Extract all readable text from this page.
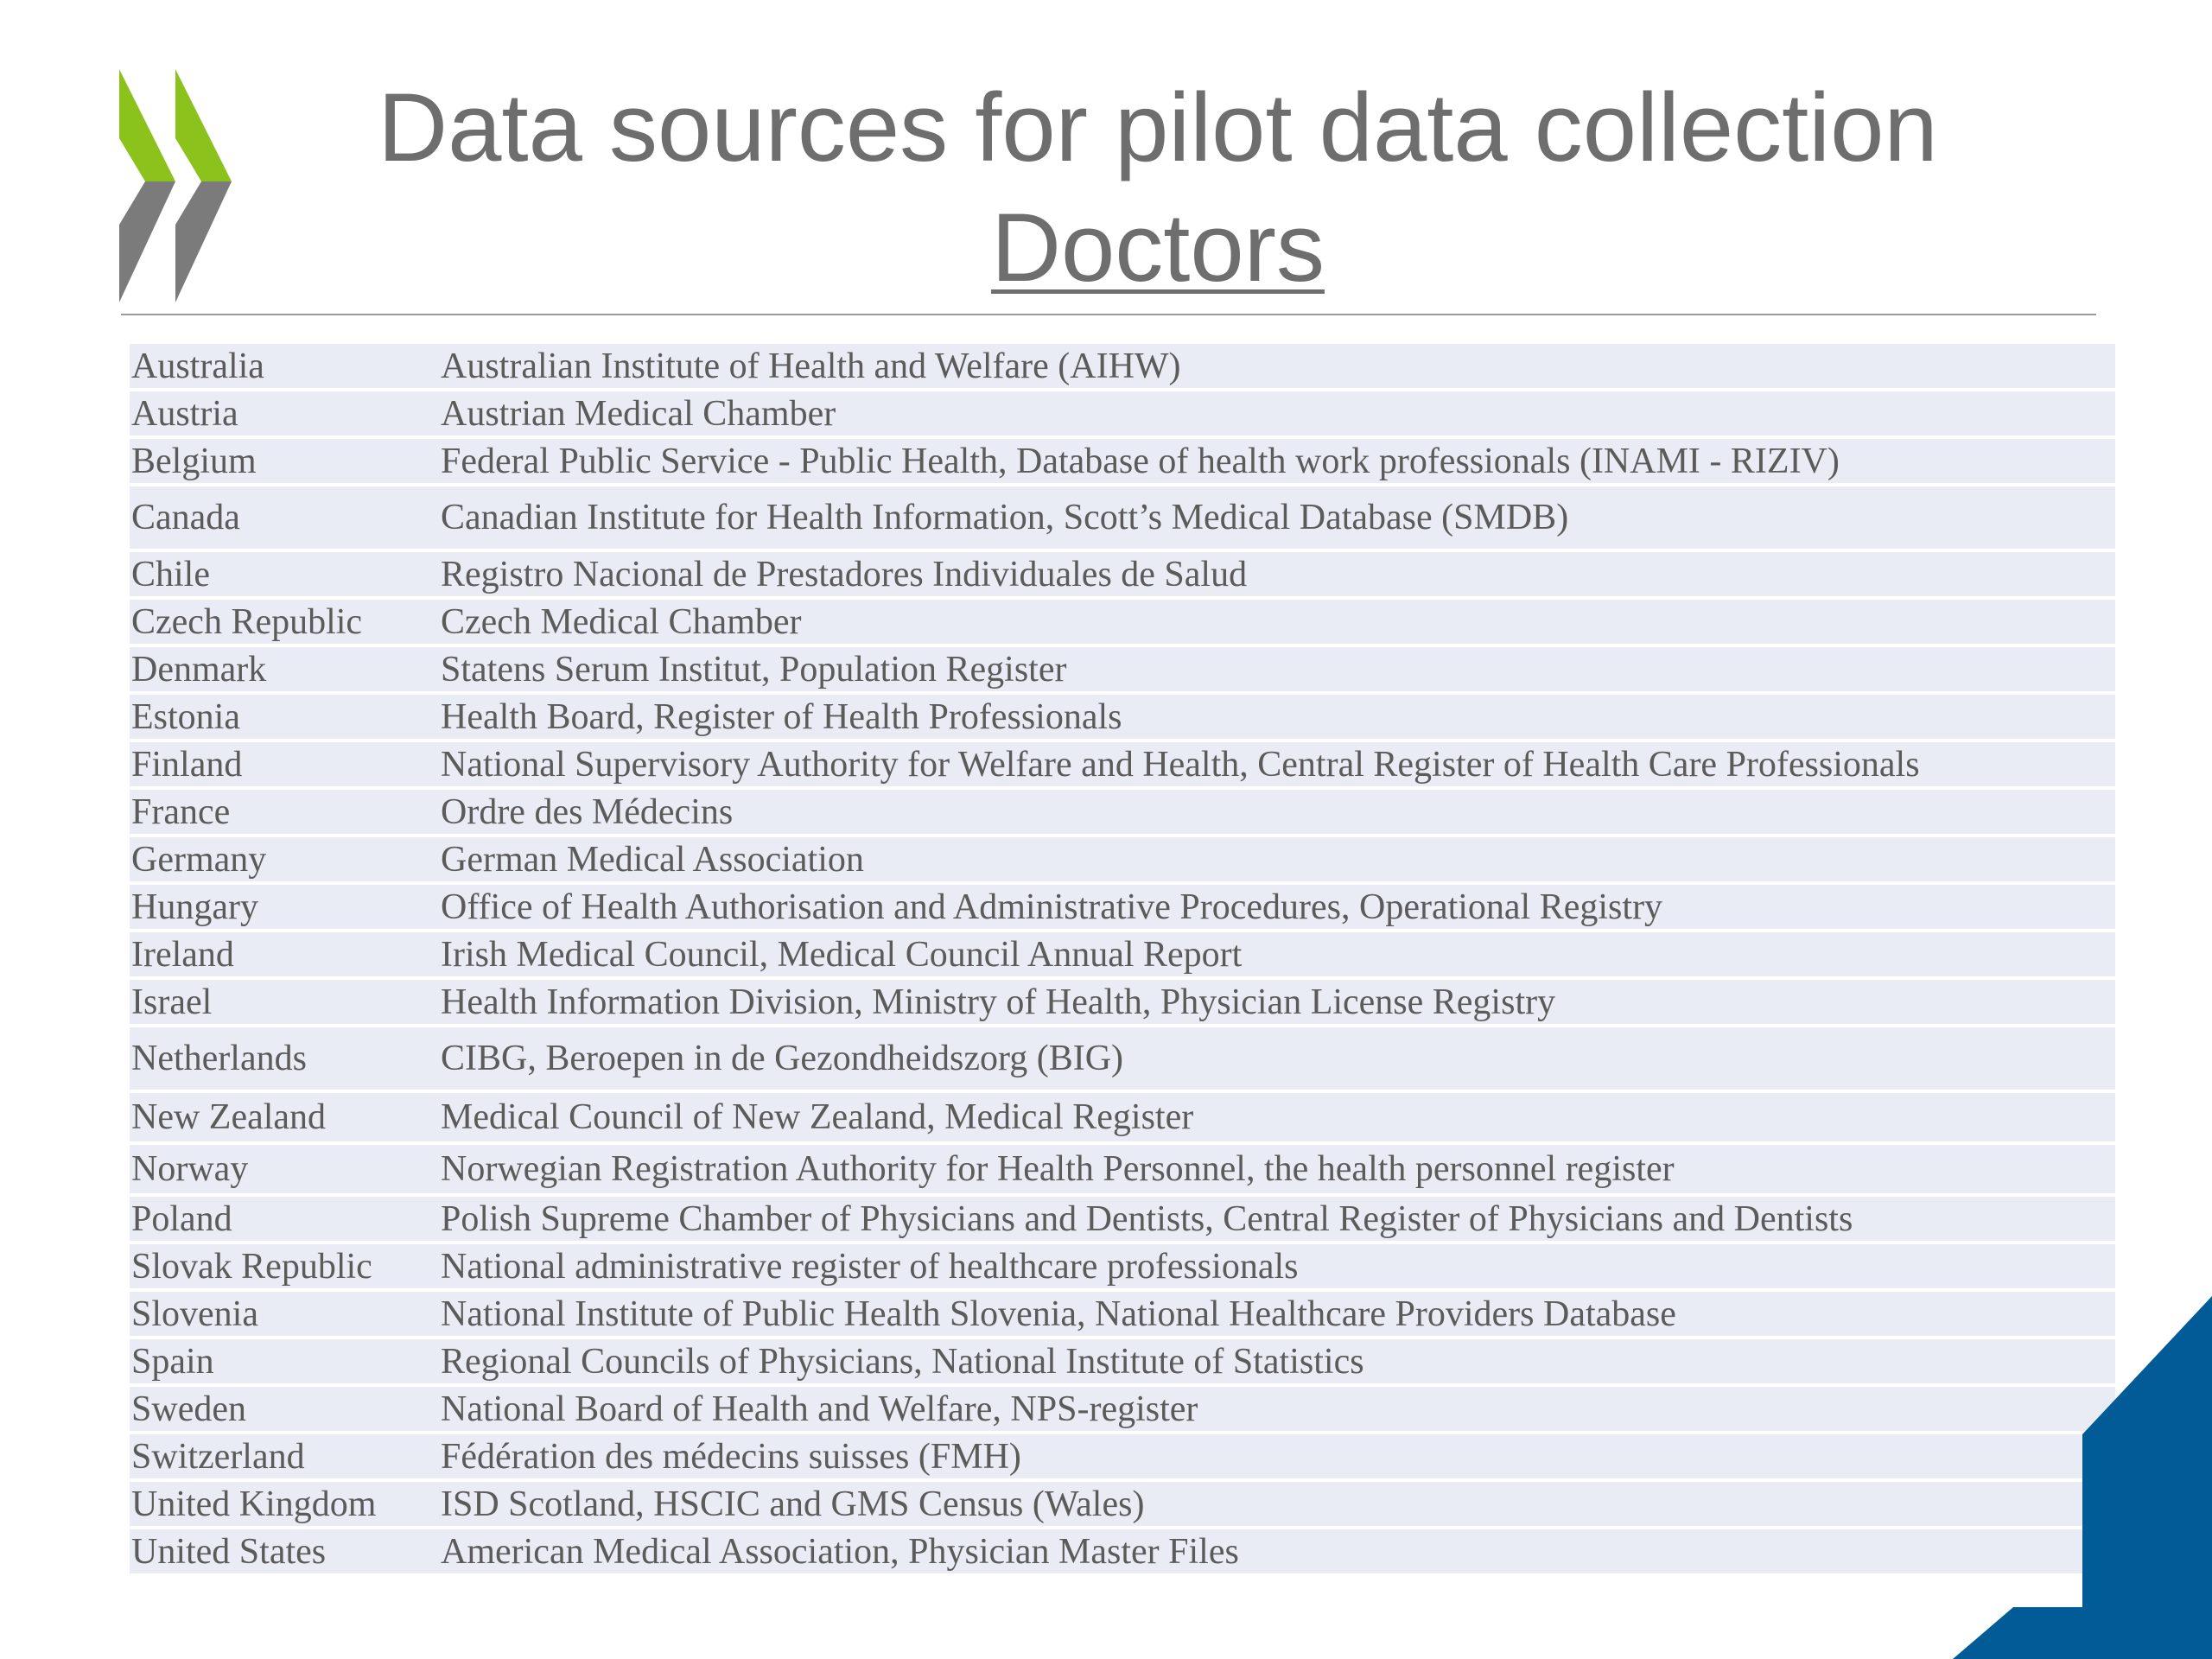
Data sources for pilot data collection
Doctors
Australia	Australian Institute of Health and Welfare (AIHW)
Austria	Austrian Medical Chamber
Belgium	Federal Public Service - Public Health, Database of health work professionals (INAMI - RIZIV)
Canada	Canadian Institute for Health Information, Scott’s Medical Database (SMDB)
Chile	Registro Nacional de Prestadores Individuales de Salud
Czech Republic	Czech Medical Chamber
Denmark	Statens Serum Institut, Population Register
Estonia	Health Board, Register of Health Professionals
Finland	National Supervisory Authority for Welfare and Health, Central Register of Health Care Professionals
France	Ordre des Médecins
Germany	German Medical Association
Hungary	Office of Health Authorisation and Administrative Procedures, Operational Registry
Ireland	Irish Medical Council, Medical Council Annual Report
Israel	Health Information Division, Ministry of Health, Physician License Registry
Netherlands	CIBG, Beroepen in de Gezondheidszorg (BIG)
New Zealand	Medical Council of New Zealand, Medical Register
Norway	Norwegian Registration Authority for Health Personnel, the health personnel register
Poland	Polish Supreme Chamber of Physicians and Dentists, Central Register of Physicians and Dentists
Slovak Republic	National administrative register of healthcare professionals
Slovenia	National Institute of Public Health Slovenia, National Healthcare Providers Database
Spain	Regional Councils of Physicians, National Institute of Statistics
Sweden	National Board of Health and Welfare, NPS-register
Switzerland	Fédération des médecins suisses (FMH)
United Kingdom	ISD Scotland, HSCIC and GMS Census (Wales)
United States	American Medical Association, Physician Master Files
